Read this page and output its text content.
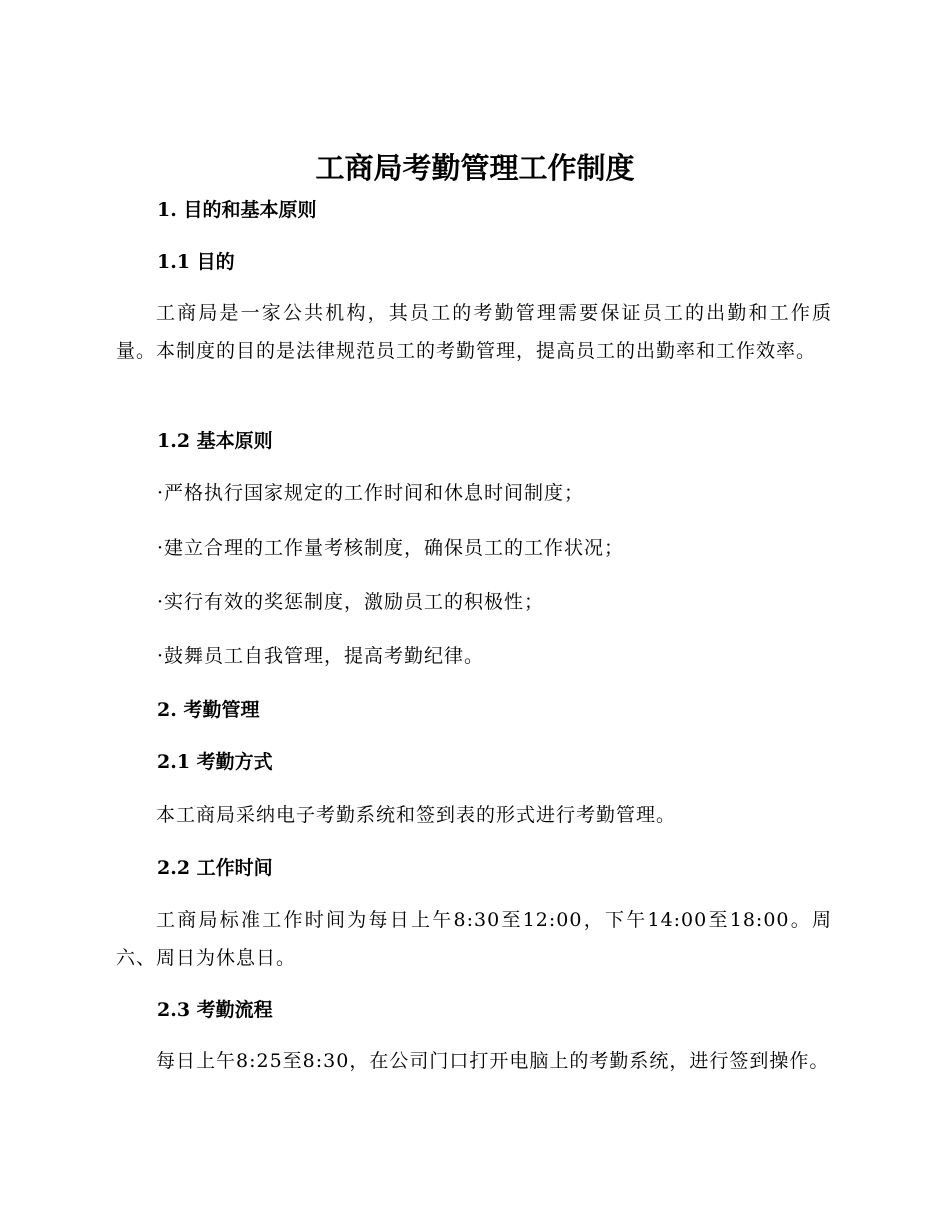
工商局考勤管理工作制度
1. 目的和基本原则
1.1 目的
工商局是一家公共机构，其员工的考勤管理需要保证员工的出勤和工作质量。本制度的目的是法律规范员工的考勤管理，提高员工的出勤率和工作效率。
1.2 基本原则
·严格执行国家规定的工作时间和休息时间制度；
·建立合理的工作量考核制度，确保员工的工作状况；
·实行有效的奖惩制度，激励员工的积极性；
·鼓舞员工自我管理，提高考勤纪律。
2. 考勤管理
2.1 考勤方式
本工商局采纳电子考勤系统和签到表的形式进行考勤管理。
2.2 工作时间
工商局标准工作时间为每日上午8:30至12:00，下午14:00至18:00。周六、周日为休息日。
2.3 考勤流程
每日上午8:25至8:30，在公司门口打开电脑上的考勤系统，进行签到操作。
